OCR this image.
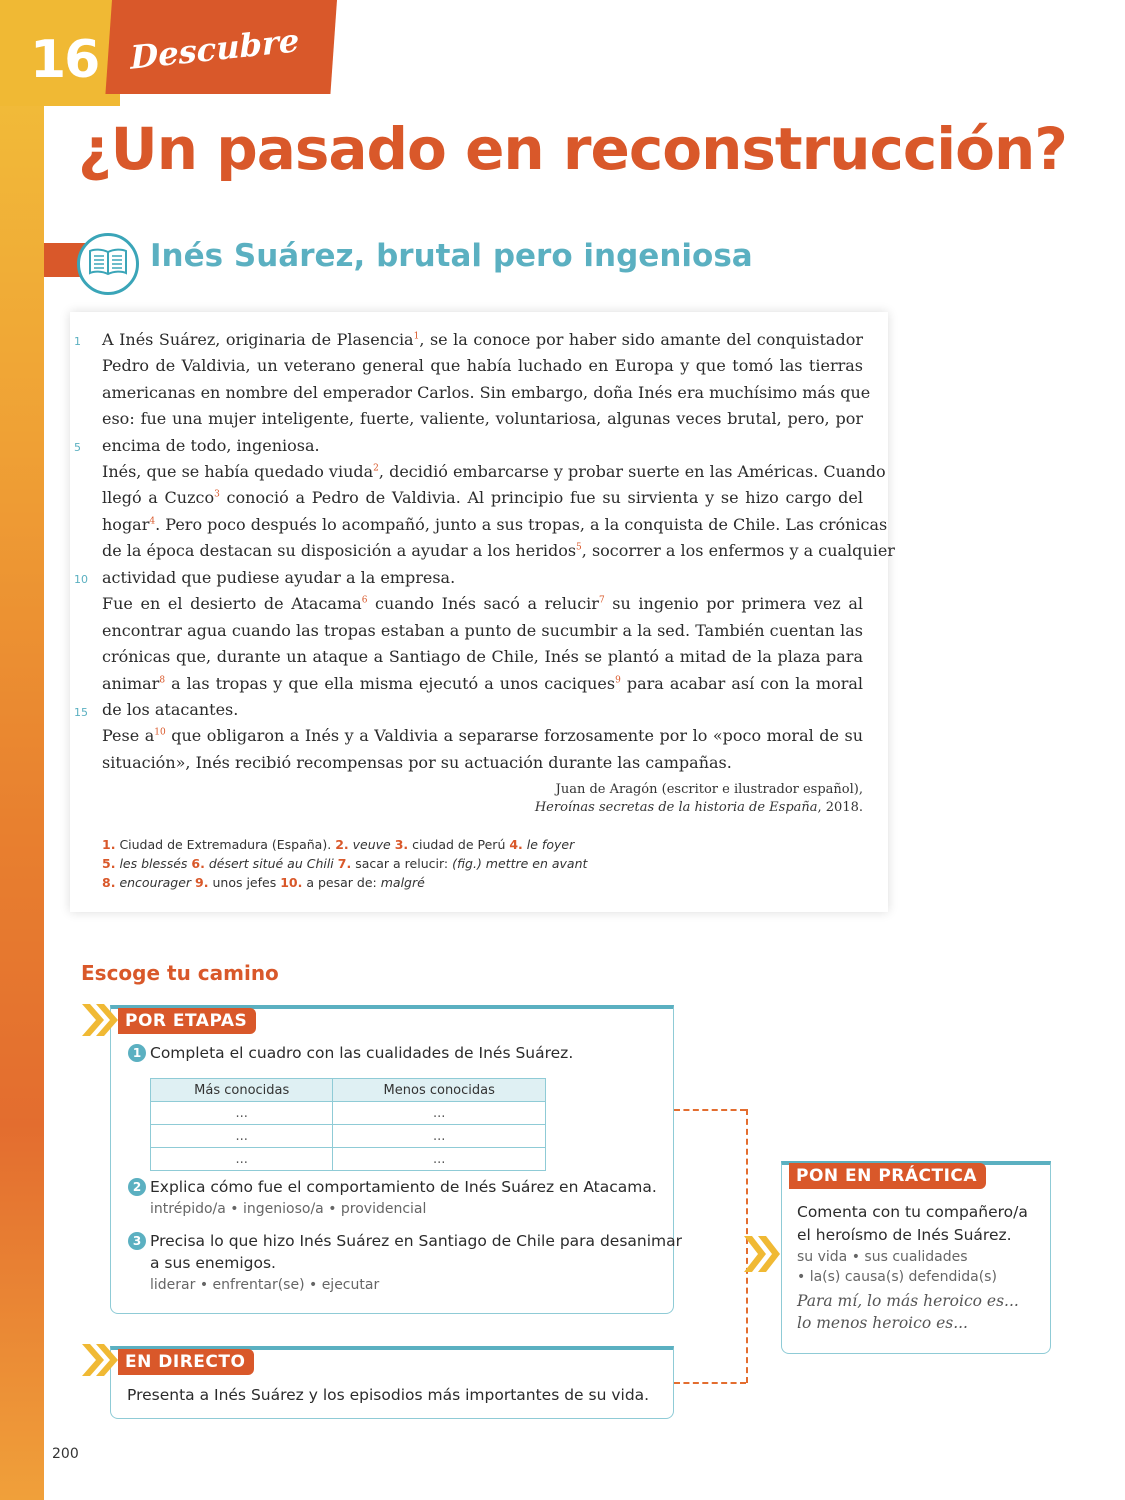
16 Descubre
¿Un pasado en reconstrucción?
Inés Suárez, brutal pero ingeniosa
1
5
10
15
A Inés Suárez, originaria de Plasencia$^1$, se la conoce por haber sido amante del conquistador
Pedro de Valdivia, un veterano general que había luchado en Europa y que tomó las tierras
americanas en nombre del emperador Carlos. Sin embargo, doña Inés era muchísimo más que
eso: fue una mujer inteligente, fuerte, valiente, voluntariosa, algunas veces brutal, pero, por
encima de todo, ingeniosa.
Inés, que se había quedado viuda$^2$, decidió embarcarse y probar suerte en las Américas. Cuando
llegó a Cuzco$^3$ conoció a Pedro de Valdivia. Al principio fue su sirvienta y se hizo cargo del
hogar$^4$. Pero poco después lo acompañó, junto a sus tropas, a la conquista de Chile. Las crónicas
de la época destacan su disposición a ayudar a los heridos$^5$, socorrer a los enfermos y a cualquier
actividad que pudiese ayudar a la empresa.
Fue en el desierto de Atacama$^6$ cuando Inés sacó a relucir$^7$ su ingenio por primera vez al
encontrar agua cuando las tropas estaban a punto de sucumbir a la sed. También cuentan las
crónicas que, durante un ataque a Santiago de Chile, Inés se plantó a mitad de la plaza para
animar$^8$ a las tropas y que ella misma ejecutó a unos caciques$^9$ para acabar así con la moral
de los atacantes.
Pese $a^{10}$ que obligaron a Inés y a Valdivia a separarse forzosamente por lo «poco moral de su
situación», Inés recibió recompensas por su actuación durante las campañas.
Juan de Aragón (escritor e ilustrador español),
Heroínas secretas de la historia de España, 2018.
1. Ciudad de Extremadura (España). 2. veuve 3. ciudad de Perú 4. le foyer
5. les blessés 6. désert situé au Chili 7. sacar a relucir: (fig.) mettre en avant
8. encourager 9. unos jefes 10. a pesar de: malgré
Escoge tu camino
POR ETAPAS
1 Completa el cuadro con las cualidades de Inés Suárez.
Más conocidas	Menos conocidas
...	...
...	...
...	...
2 Explica cómo fue el comportamiento de Inés Suárez en Atacama.
intrépido/a • ingenioso/a • providencial
3 Precisa lo que hizo Inés Suárez en Santiago de Chile para desanimar
a sus enemigos.
liderar • enfrentar(se) • ejecutar
EN DIRECTO
Presenta a Inés Suárez y los episodios más importantes de su vida.
PON EN PRÁCTICA
Comenta con tu compañero/a
el heroísmo de Inés Suárez.
su vida • sus cualidades
• la(s) causa(s) defendida(s)
Para mí, lo más heroico es...
lo menos heroico es...
200
